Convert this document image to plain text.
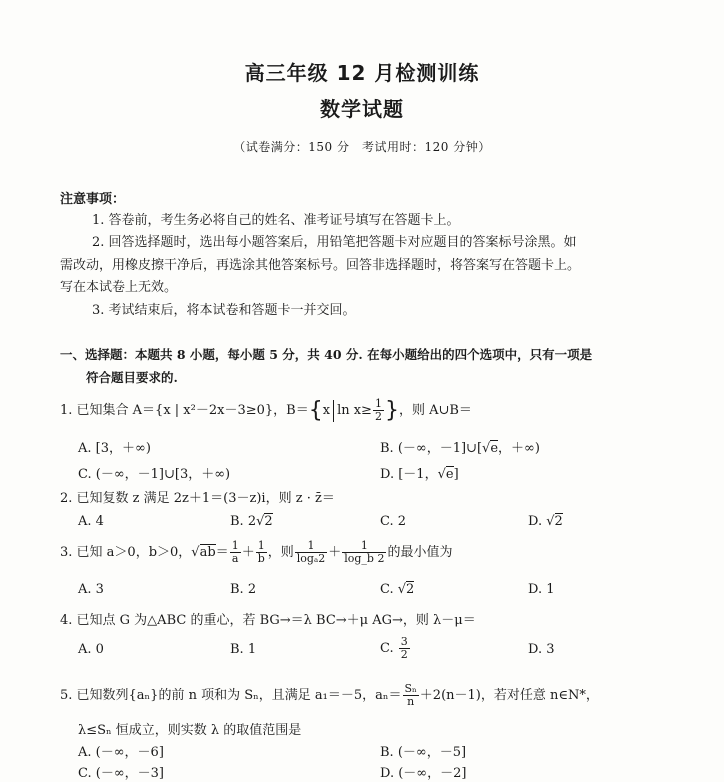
高三年级 12 月检测训练
数学试题
（试卷满分：150 分　考试用时：120 分钟）
注意事项：
1. 答卷前，考生务必将自己的姓名、准考证号填写在答题卡上。
2. 回答选择题时，选出每小题答案后，用铅笔把答题卡对应题目的答案标号涂黑。如
需改动，用橡皮擦干净后，再选涂其他答案标号。回答非选择题时，将答案写在答题卡上。
写在本试卷上无效。
3. 考试结束后，将本试卷和答题卡一并交回。
一、选择题：本题共 8 小题，每小题 5 分，共 40 分. 在每小题给出的四个选项中，只有一项是
符合题目要求的.
1. 已知集合 A＝{x | x²－2x－3≥0}，B＝{x $\ln x\ge \frac{1}{2}$ }，则 A∪B＝
A. [3，＋∞)	B. (－∞，－1]∪[√e，＋∞)
C. (－∞，－1]∪[3，＋∞)	D. [－1，√e]
2. 已知复数 z 满足 2z＋1＝(3－z)i，则 z · z̄＝
A. 4	B. 2√2	C. 2	D. √2
3. 已知 a＞0，b＞0，$√ab= \frac{1}{a} + \frac{1}{b}$ ，则 $\frac{1}{\text{logₐ2}} + \frac{1}{\log\_b 2}$ 的最小值为
A. 3	B. 2	C. √2	D. 1
4. 已知点 G 为△ABC 的重心，若 BG→＝λ BC→＋μ AG→，则 λ－μ＝
A. 0	B. 1	C. $\frac{3}{2}$	D. 3
5. 已知数列{aₙ}的前 n 项和为 Sₙ，且满足 a₁＝－5，$a_n= \frac{\text{Sₙ}}{n} +2(n-1)$，若对任意 n∈N*，
λ≤Sₙ 恒成立，则实数 λ 的取值范围是
A. (－∞，－6]	B. (－∞，－5]
C. (－∞，－3]	D. (－∞，－2]
